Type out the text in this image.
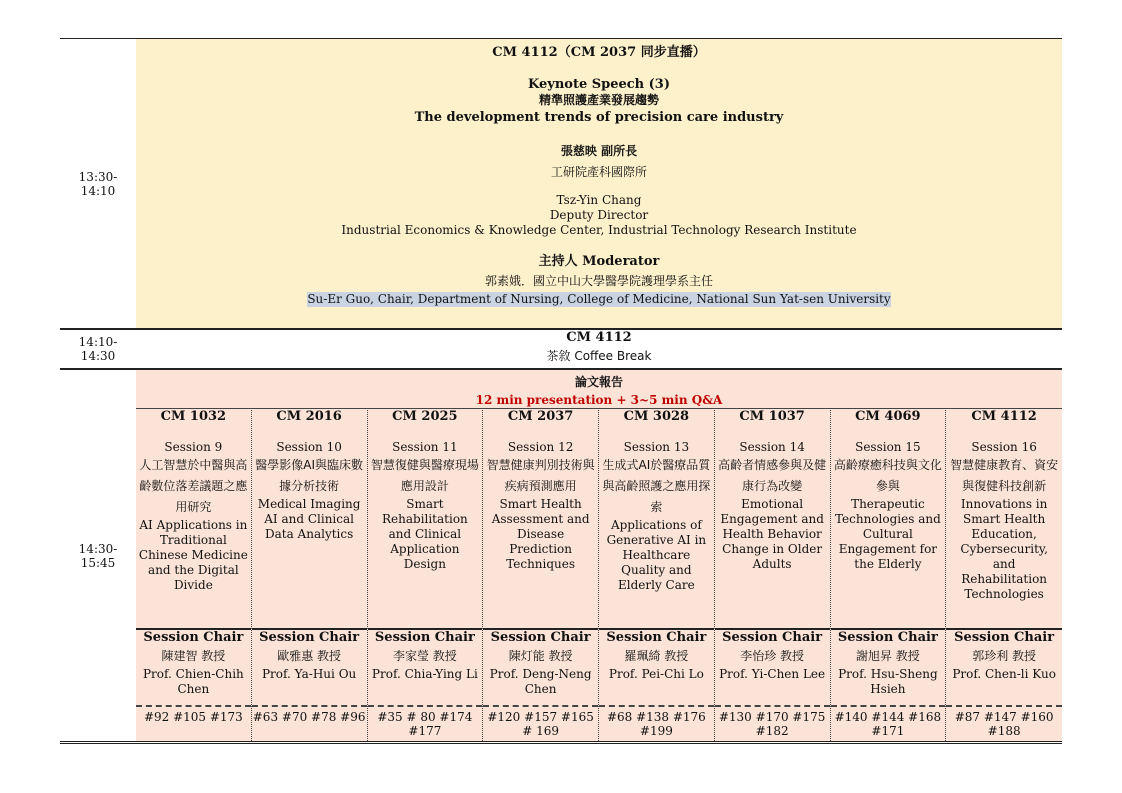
13:30-
14:10
CM 4112（CM 2037 同步直播）
Keynote Speech (3)
精準照護產業發展趨勢
The development trends of precision care industry
張慈映 副所長
工研院產科國際所
Tsz-Yin Chang
Deputy Director
Industrial Economics & Knowledge Center, Industrial Technology Research Institute
主持人 Moderator
郭素娥．國立中山大學醫學院護理學系主任
Su-Er Guo, Chair, Department of Nursing, College of Medicine, National Sun Yat-sen University
14:10-
14:30
CM 4112
茶敘 Coffee Break
14:30-
15:45
論文報告
12 min presentation + 3~5 min Q&A
CM 1032
Session 9
人工智慧於中醫與高齡數位落差議題之應用研究
AI Applications in Traditional Chinese Medicine and the Digital Divide
Session Chair
陳建智 教授
Prof. Chien-Chih Chen
#92 #105 #173
CM 2016
Session 10
醫學影像AI與臨床數據分析技術
Medical Imaging AI and Clinical Data Analytics
Session Chair
歐雅惠 教授
Prof. Ya-Hui Ou
#63 #70 #78 #96
CM 2025
Session 11
智慧復健與醫療現場應用設計
Smart Rehabilitation and Clinical Application Design
Session Chair
李家瑩 教授
Prof. Chia-Ying Li
#35 # 80 #174 #177
CM 2037
Session 12
智慧健康判別技術與疾病預測應用
Smart Health Assessment and Disease Prediction Techniques
Session Chair
陳灯能 教授
Prof. Deng-Neng Chen
#120 #157 #165 # 169
CM 3028
Session 13
生成式AI於醫療品質與高齡照護之應用探索
Applications of Generative AI in Healthcare Quality and Elderly Care
Session Chair
羅珮綺 教授
Prof. Pei-Chi Lo
#68 #138 #176 #199
CM 1037
Session 14
高齡者情感參與及健康行為改變
Emotional Engagement and Health Behavior Change in Older Adults
Session Chair
李怡珍 教授
Prof. Yi-Chen Lee
#130 #170 #175 #182
CM 4069
Session 15
高齡療癒科技與文化參與
Therapeutic Technologies and Cultural Engagement for the Elderly
Session Chair
謝旭昇 教授
Prof. Hsu-Sheng Hsieh
#140 #144 #168 #171
CM 4112
Session 16
智慧健康教育、資安與復健科技創新
Innovations in Smart Health Education, Cybersecurity, and Rehabilitation Technologies
Session Chair
郭珍利 教授
Prof. Chen-li Kuo
#87 #147 #160 #188
